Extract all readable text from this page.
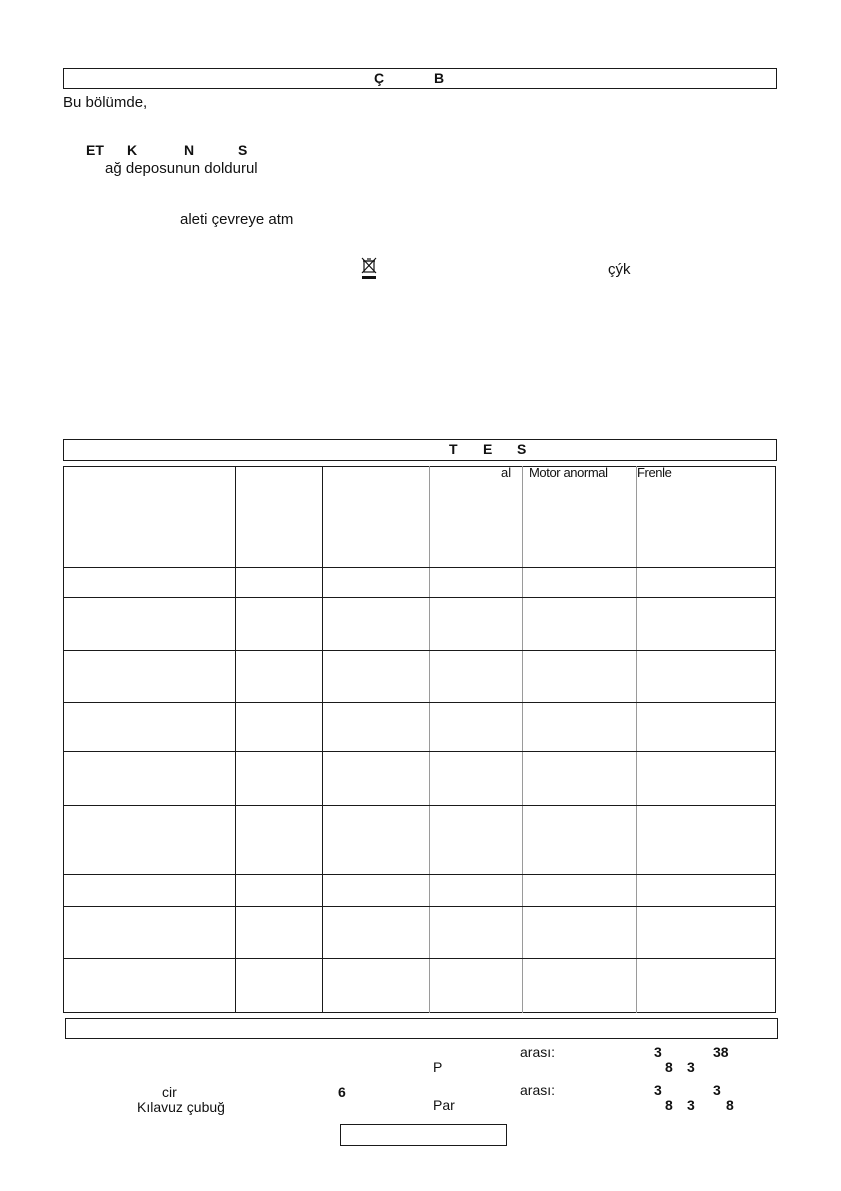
Ç	B
Bu bölümde,
ET K	N	S
ağ deposunun doldurul
aleti çevreye atm
çýk
T E S
al Motor anormal Frenle
arası:	3	38
P	8 3
cir	6	arası:	3	3
Kılavuz çubuğ	Par	8 3 8
